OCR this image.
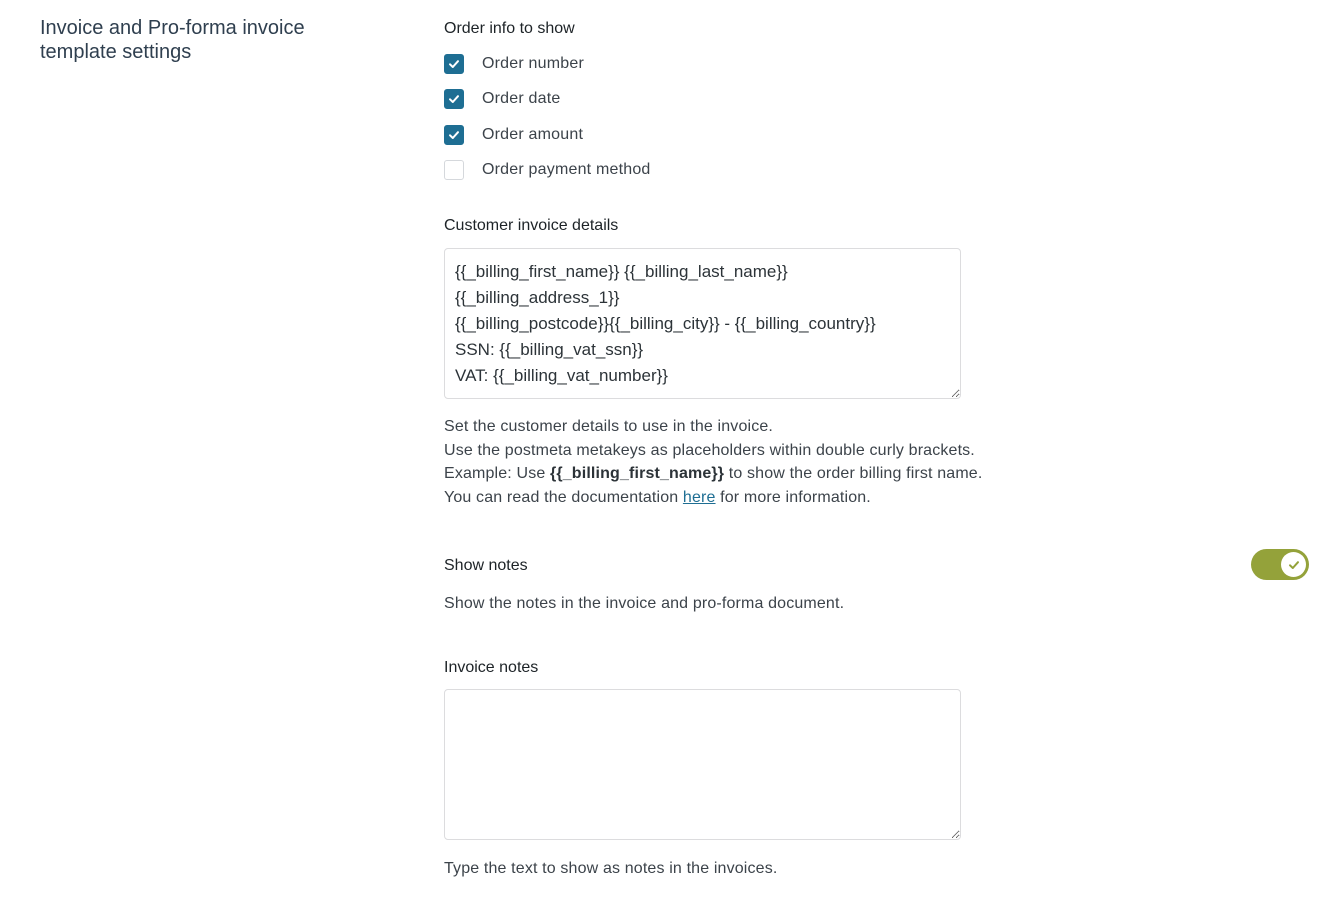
Invoice and Pro-forma invoice template settings
Order info to show
Order number
Order date
Order amount
Order payment method
Customer invoice details
{{_billing_first_name}} {{_billing_last_name}} {{_billing_address_1}} {{_billing_postcode}}{{_billing_city}} - {{_billing_country}} SSN: {{_billing_vat_ssn}} VAT: {{_billing_vat_number}}

Set the customer details to use in the invoice.

Use the postmeta metakeys as placeholders within double curly brackets.

Example: Use {{_billing_first_name}} to show the order billing first name.

You can read the documentation here for more information.

Show notes
Show the notes in the invoice and pro-forma document.
Invoice notes
Type the text to show as notes in the invoices.
